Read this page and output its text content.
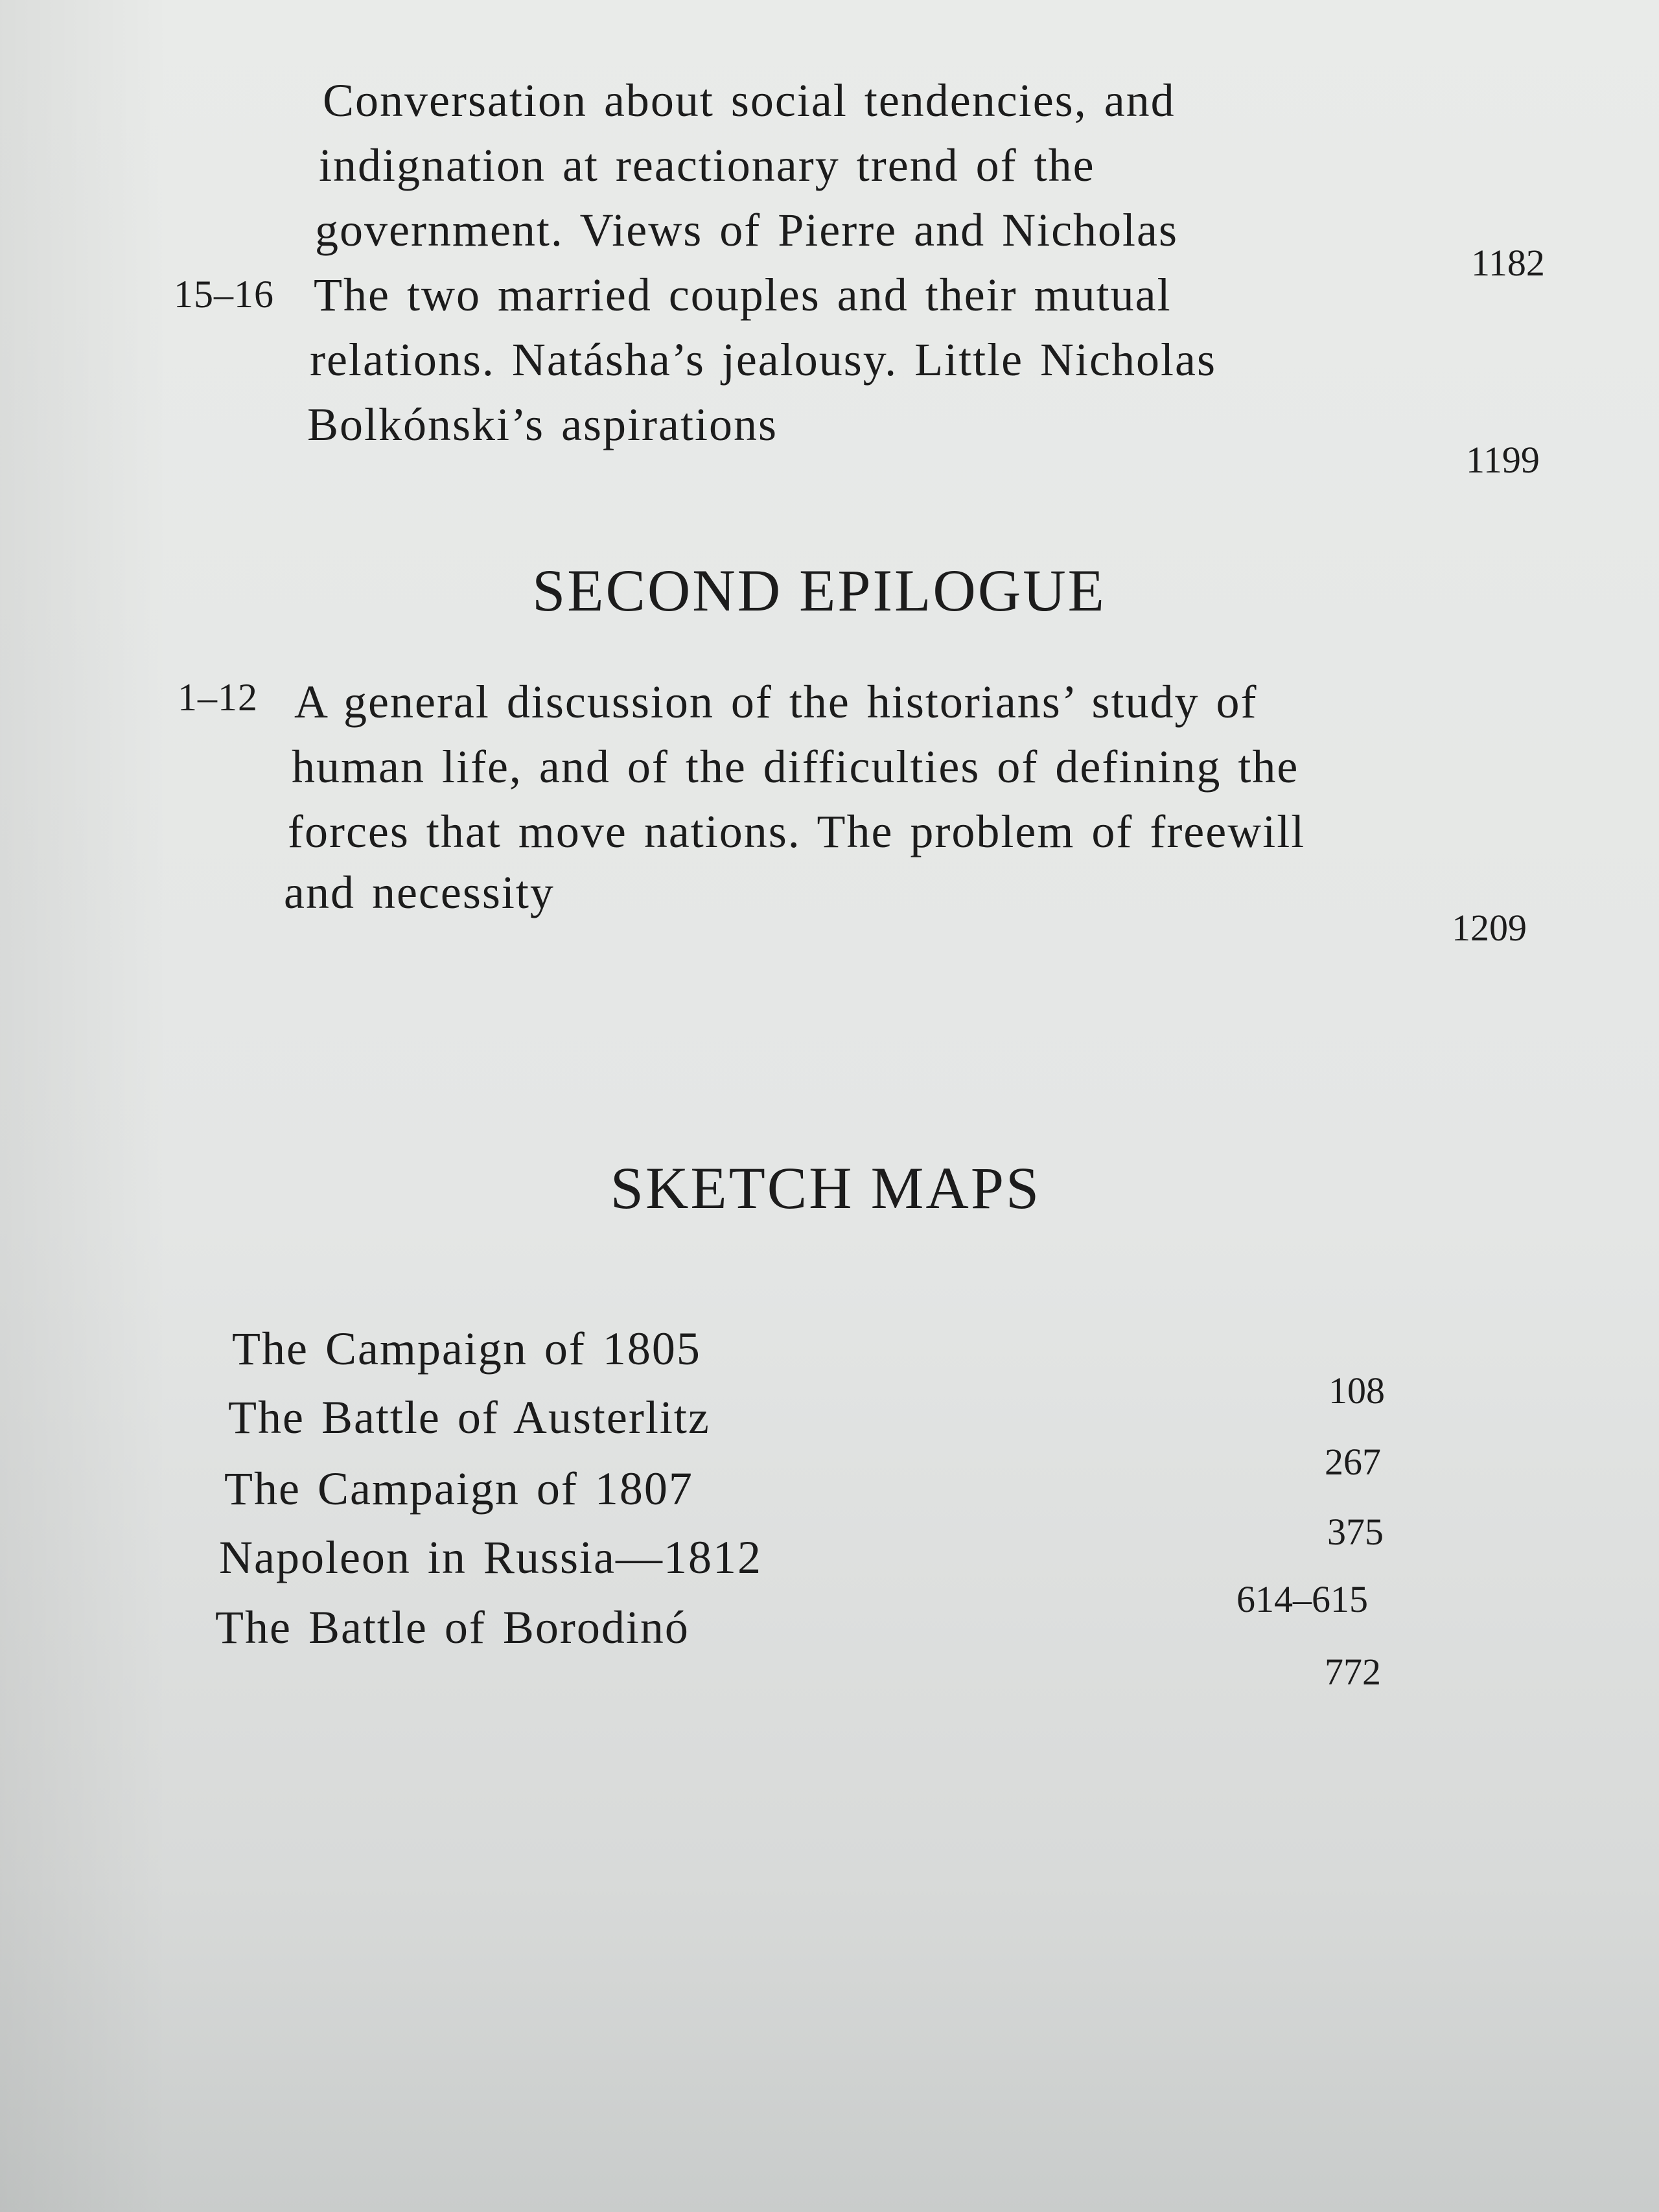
Conversation about social tendencies, and
indignation at reactionary trend of the
government. Views of Pierre and Nicholas
1182
15–16 The two married couples and their mutual
relations. Natásha’s jealousy. Little Nicholas
Bolkónski’s aspirations
1199
SECOND EPILOGUE
1–12 A general discussion of the historians’ study of
human life, and of the difficulties of defining the
forces that move nations. The problem of freewill
and necessity
1209
SKETCH MAPS
The Campaign of 1805
108
The Battle of Austerlitz
267
The Campaign of 1807
375
Napoleon in Russia—1812
614–615
The Battle of Borodinó
772
